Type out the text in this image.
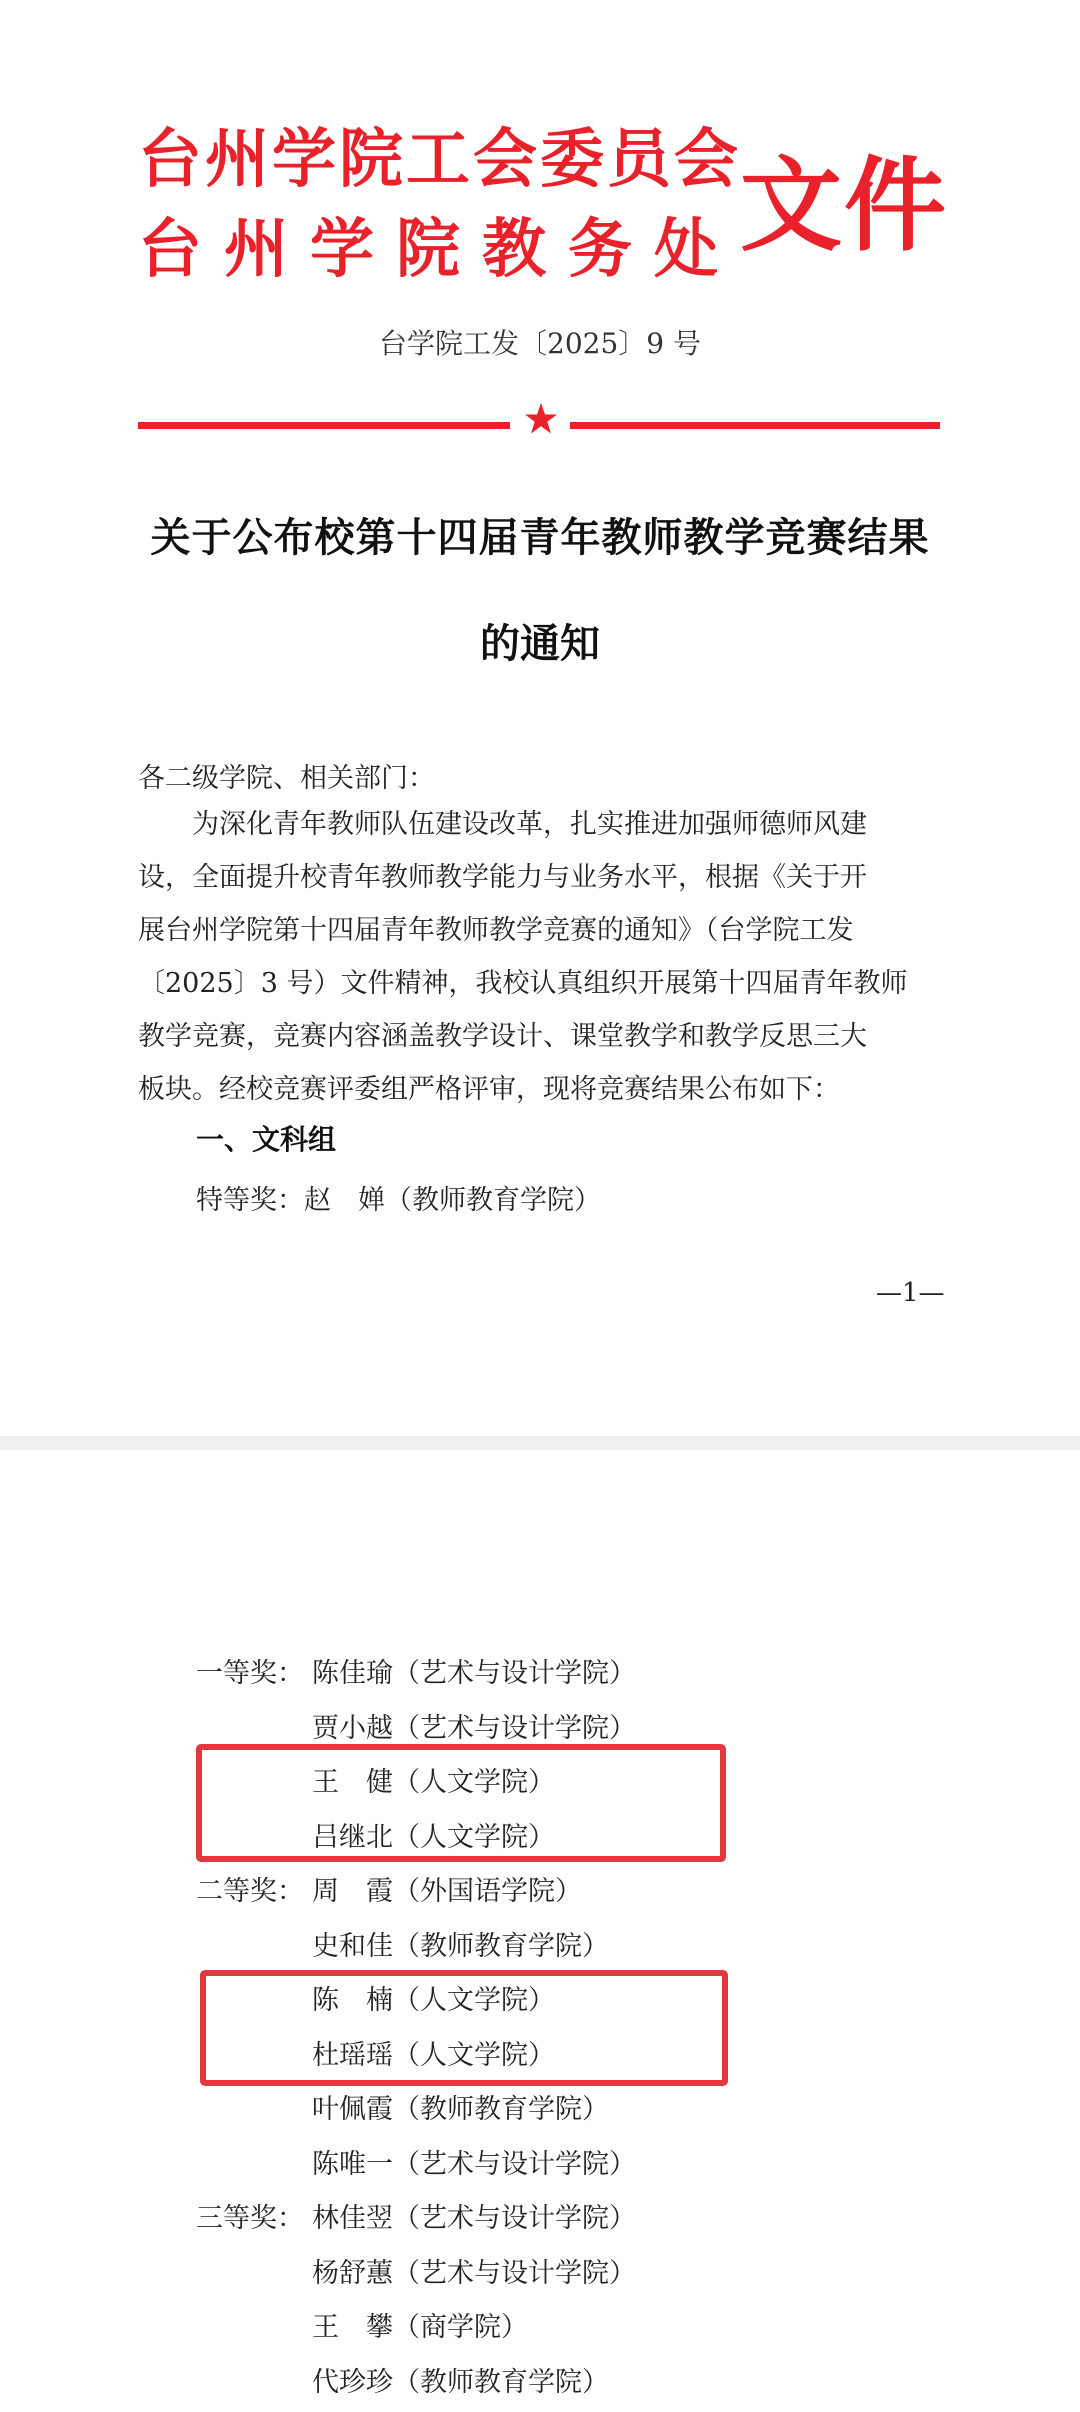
台州学院工会委员会
台州学院教务处 文件
台学院工发〔2025〕9 号
关于公布校第十四届青年教师教学竞赛结果
的通知
各二级学院、相关部门：

　　为深化青年教师队伍建设改革，扎实推进加强师德师风建

设，全面提升校青年教师教学能力与业务水平，根据《关于开

展台州学院第十四届青年教师教学竞赛的通知》（台学院工发

〔2025〕3 号）文件精神，我校认真组织开展第十四届青年教师

教学竞赛，竞赛内容涵盖教学设计、课堂教学和教学反思三大

板块。经校竞赛评委组严格评审，现将竞赛结果公布如下：

一、文科组
特等奖：赵　婵（教师教育学院）
—1—
一等奖： 陈佳瑜（艺术与设计学院）
贾小越（艺术与设计学院）
王　健（人文学院）
吕继北（人文学院）
二等奖： 周　霞（外国语学院）
史和佳（教师教育学院）
陈　楠（人文学院）
杜瑶瑶（人文学院）
叶佩霞（教师教育学院）
陈唯一（艺术与设计学院）
三等奖： 林佳翌（艺术与设计学院）
杨舒蕙（艺术与设计学院）
王　攀（商学院）
代珍珍（教师教育学院）
